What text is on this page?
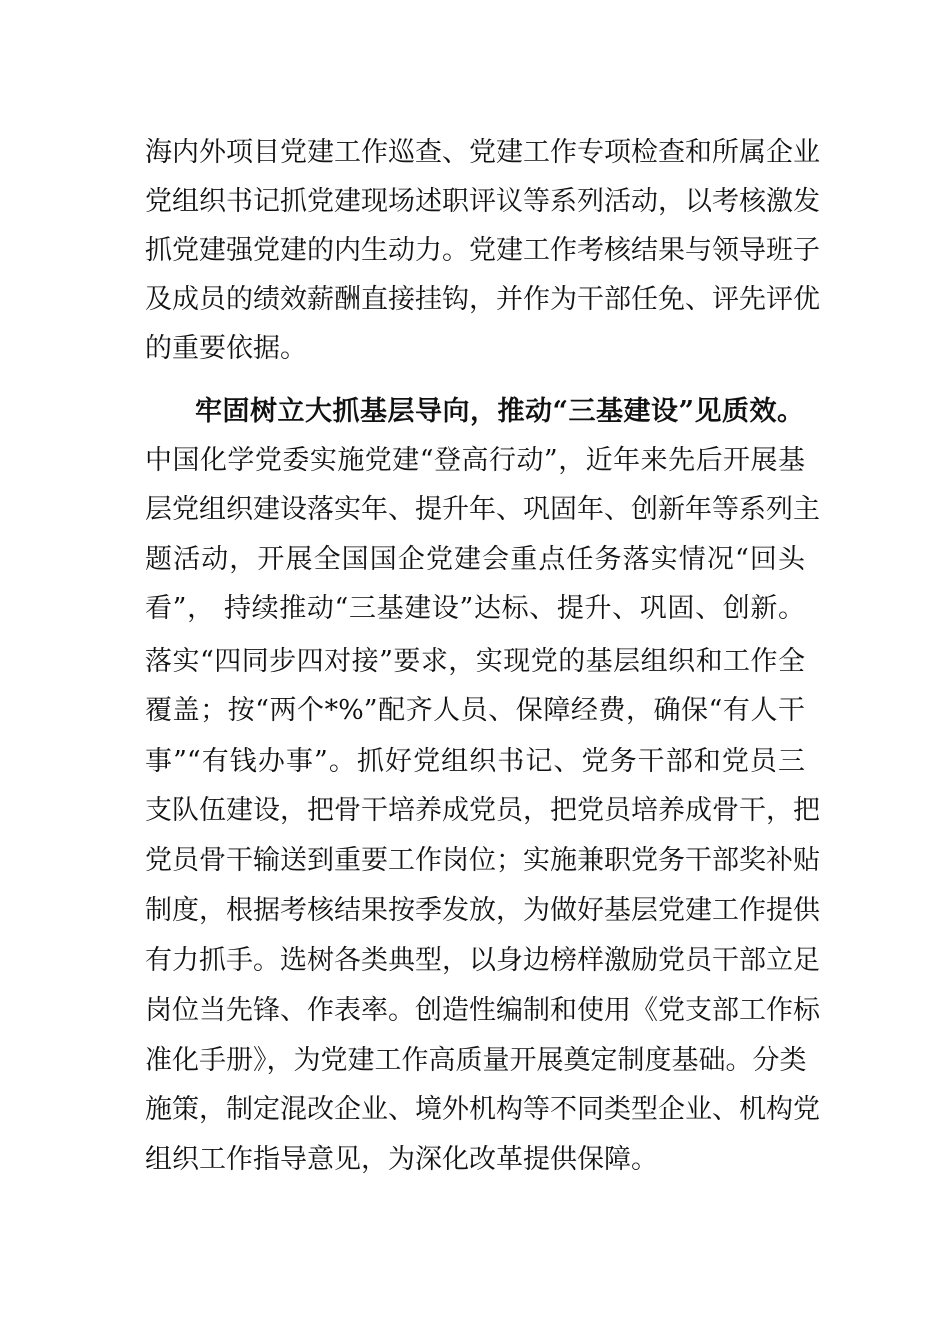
海内外项目党建工作巡查、党建工作专项检查和所属企业
党组织书记抓党建现场述职评议等系列活动，以考核激发
抓党建强党建的内生动力。党建工作考核结果与领导班子
及成员的绩效薪酬直接挂钩，并作为干部任免、评先评优
的重要依据。
牢固树立大抓基层导向，推动“三基建设”见质效。
中国化学党委实施党建“登高行动”，近年来先后开展基
层党组织建设落实年、提升年、巩固年、创新年等系列主
题活动，开展全国国企党建会重点任务落实情况“回头
看”， 持续推动“三基建设”达标、提升、巩固、创新。
落实“四同步四对接”要求，实现党的基层组织和工作全
覆盖；按“两个*%”配齐人员、保障经费，确保“有人干
事”“有钱办事”。抓好党组织书记、党务干部和党员三
支队伍建设，把骨干培养成党员，把党员培养成骨干，把
党员骨干输送到重要工作岗位；实施兼职党务干部奖补贴
制度，根据考核结果按季发放，为做好基层党建工作提供
有力抓手。选树各类典型，以身边榜样激励党员干部立足
岗位当先锋、作表率。创造性编制和使用《党支部工作标
准化手册》，为党建工作高质量开展奠定制度基础。分类
施策，制定混改企业、境外机构等不同类型企业、机构党
组织工作指导意见，为深化改革提供保障。
